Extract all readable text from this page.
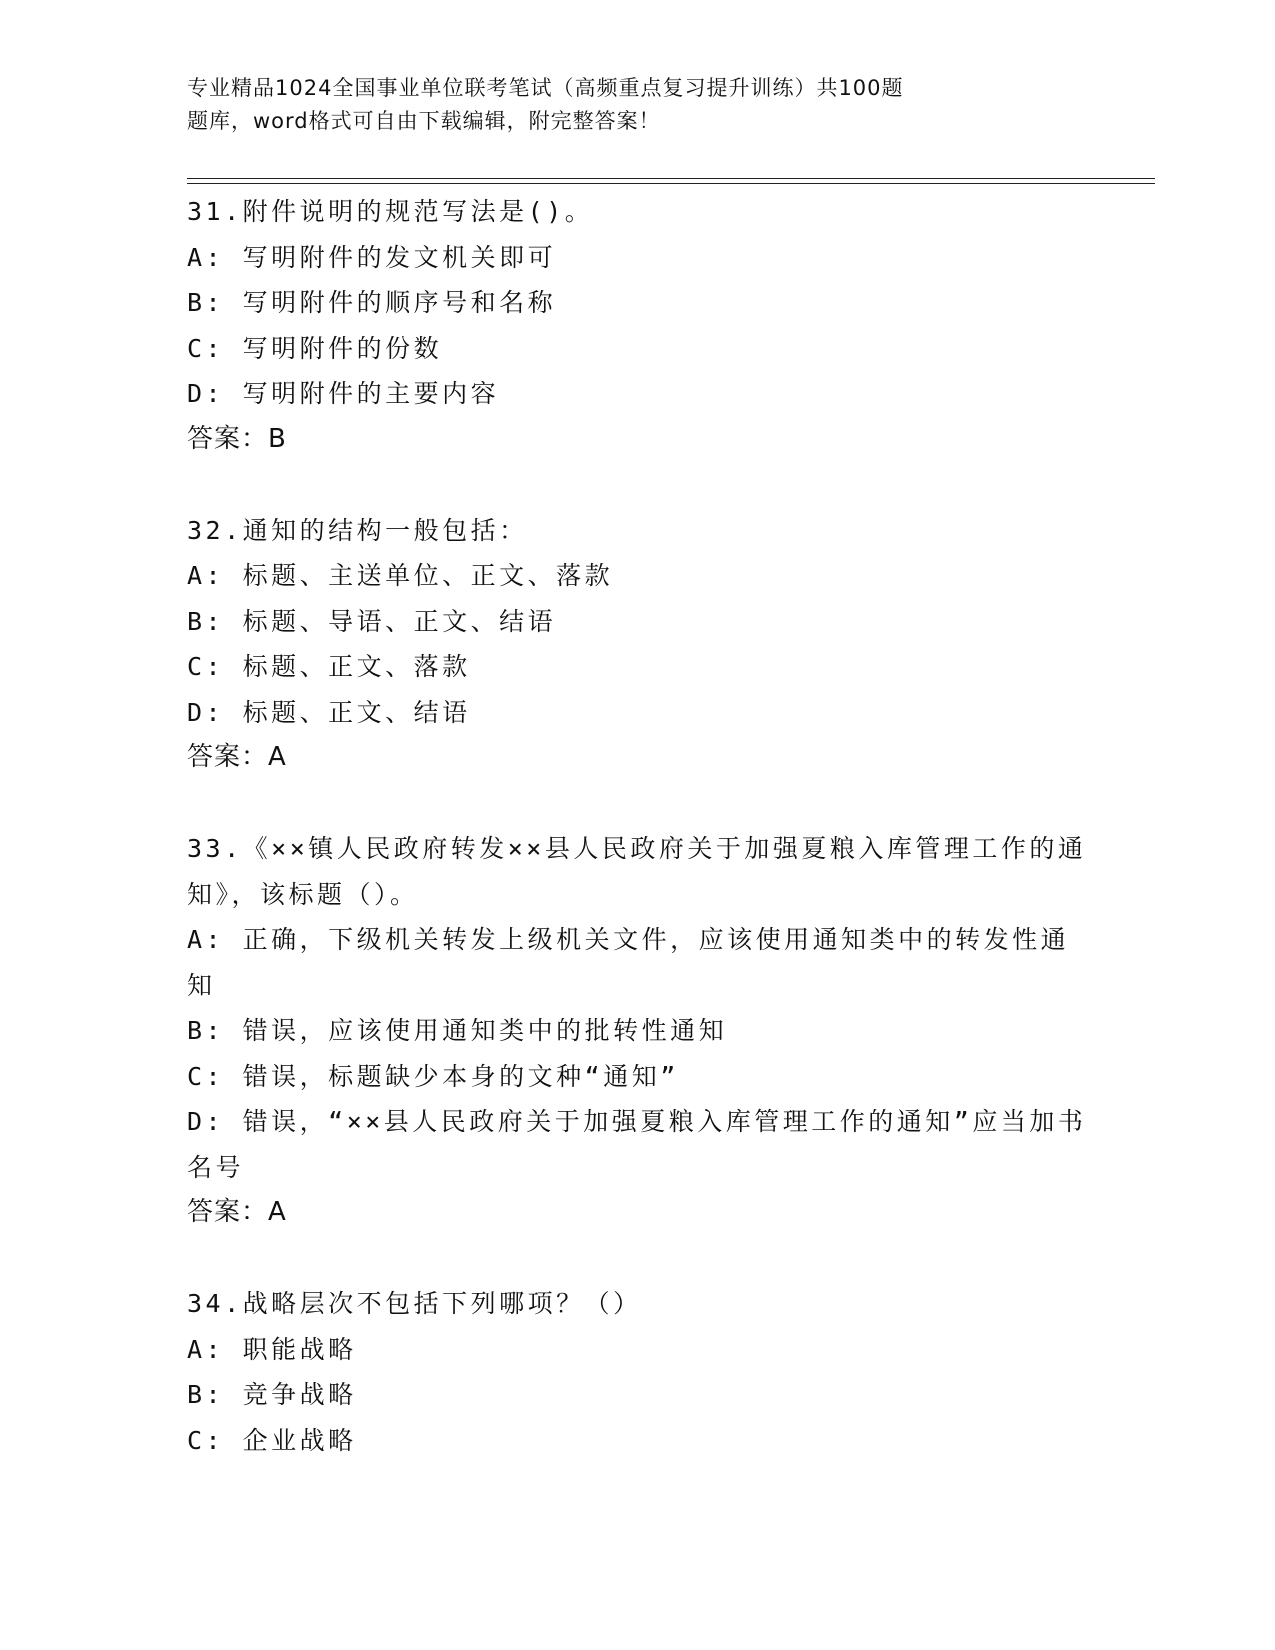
专业精品1024全国事业单位联考笔试（高频重点复习提升训练）共100题
题库，word格式可自由下载编辑，附完整答案！
31.附件说明的规范写法是()。
A: 写明附件的发文机关即可
B: 写明附件的顺序号和名称
C: 写明附件的份数
D: 写明附件的主要内容
答案：B
32.通知的结构一般包括：
A: 标题、主送单位、正文、落款
B: 标题、导语、正文、结语
C: 标题、正文、落款
D: 标题、正文、结语
答案：A
33.《××镇人民政府转发××县人民政府关于加强夏粮入库管理工作的通知》，该标题（）。
A: 正确，下级机关转发上级机关文件，应该使用通知类中的转发性通知
B: 错误，应该使用通知类中的批转性通知
C: 错误，标题缺少本身的文种“通知”
D: 错误，“××县人民政府关于加强夏粮入库管理工作的通知”应当加书名号
答案：A
34.战略层次不包括下列哪项？（）
A: 职能战略
B: 竞争战略
C: 企业战略
